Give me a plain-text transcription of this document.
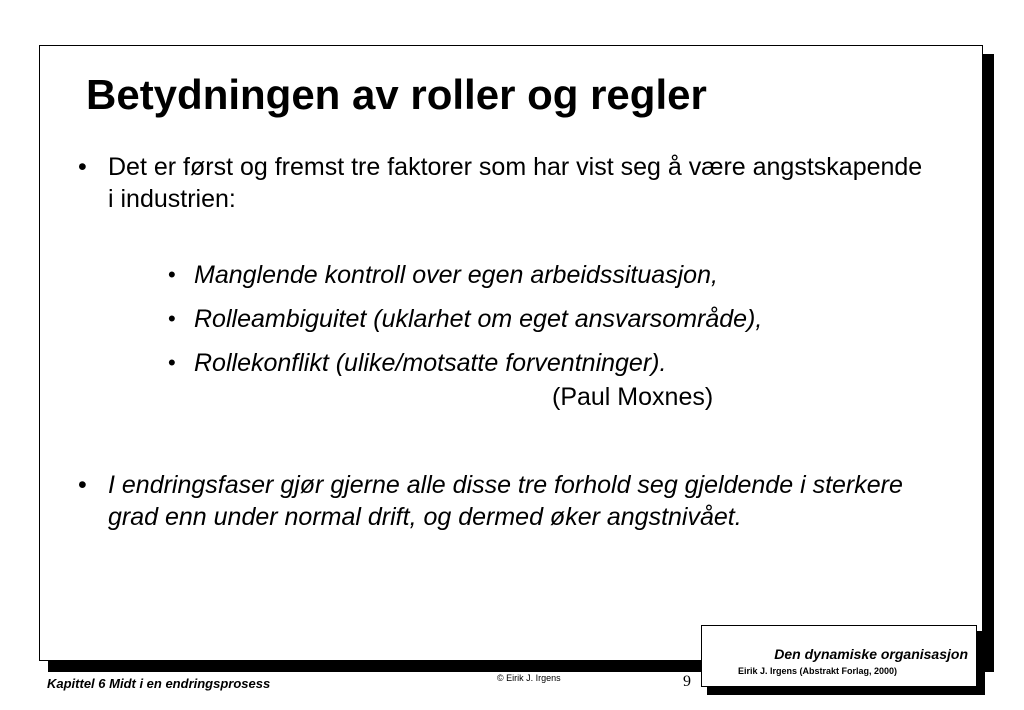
Betydningen av roller og regler
• Det er først og fremst tre faktorer som har vist seg å være angstskapende i industrien:
• Manglende kontroll over egen arbeidssituasjon,
• Rolleambiguitet (uklarhet om eget ansvarsområde),
• Rollekonflikt (ulike/motsatte forventninger).
(Paul Moxnes)
• I endringsfaser gjør gjerne alle disse tre forhold seg gjeldende i sterkere grad enn under normal drift, og dermed øker angstnivået.
Den dynamiske organisasjon
Eirik J. Irgens (Abstrakt Forlag, 2000)
Kapittel 6 Midt i en endringsprosess	© Eirik J. Irgens	9
